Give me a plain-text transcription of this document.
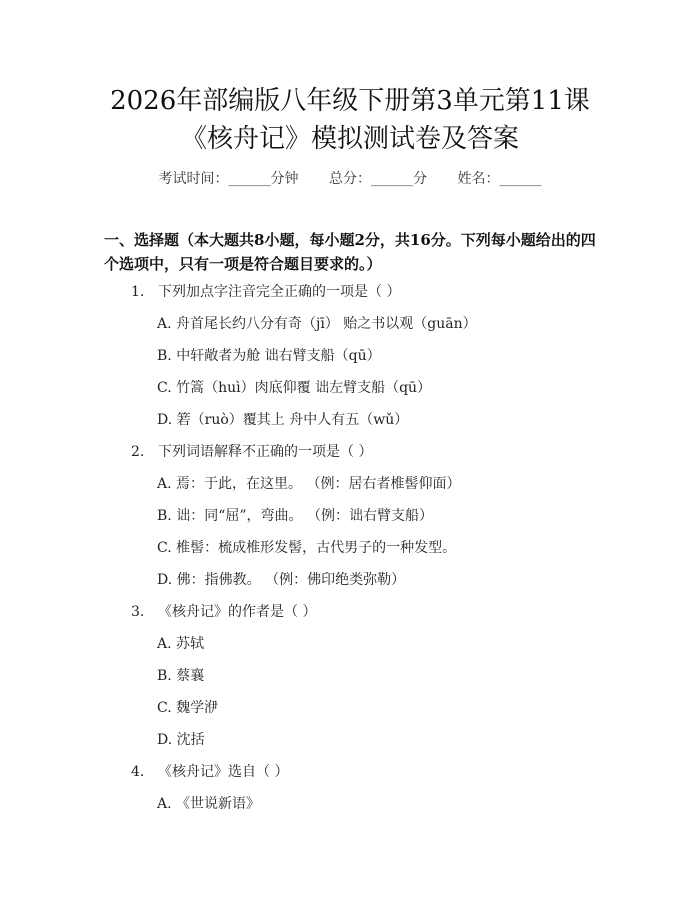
2026年部编版八年级下册第3单元第11课
《核舟记》模拟测试卷及答案
考试时间：______分钟 总分：______分 姓名：______
一、选择题（本大题共8小题，每小题2分，共16分。下列每小题给出的四个选项中，只有一项是符合题目要求的。）
1. 下列加点字注音完全正确的一项是（ ）
A. 舟首尾长约八分有奇（jī） 贻之书以观（guān）
B. 中轩敞者为舱 诎右臂支船（qū）
C. 竹篙（huì）肉底仰覆 诎左臂支船（qū）
D. 箬（ruò）覆其上 舟中人有五（wǔ）
2. 下列词语解释不正确的一项是（ ）
A. 焉：于此，在这里。 （例：居右者椎髻仰面）
B. 诎：同“屈”，弯曲。 （例：诎右臂支船）
C. 椎髻：梳成椎形发髻，古代男子的一种发型。
D. 佛：指佛教。 （例：佛印绝类弥勒）
3. 《核舟记》的作者是（ ）
A. 苏轼
B. 蔡襄
C. 魏学洢
D. 沈括
4. 《核舟记》选自（ ）
A. 《世说新语》
